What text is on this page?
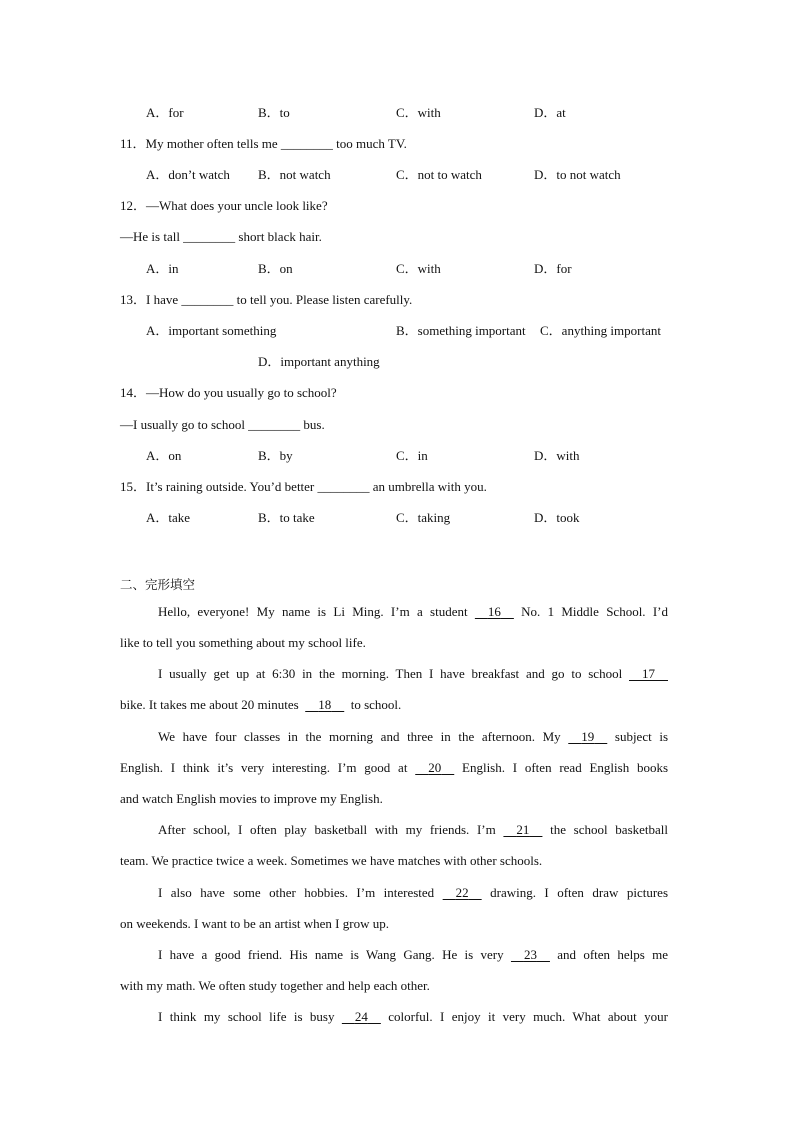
A．for	B．to	C．with	D．at
11．My mother often tells me ________ too much TV.
A．don’t watch B．not watch	C．not to watch	D．to not watch
12．—What does your uncle look like?
—He is tall ________ short black hair.
A．in	B．on	C．with	D．for
13．I have ________ to tell you. Please listen carefully.
A．important something	B．something important C．anything important
D．important anything
14．—How do you usually go to school?
—I usually go to school ________ bus.
A．on	B．by	C．in	D．with
15．It’s raining outside. You’d better ________ an umbrella with you.
A．take	B．to take	C．taking	D．took
二、完形填空
Hello, everyone! My name is Li Ming. I’m a student 16 No. 1 Middle School. I’d
like to tell you something about my school life.
I usually get up at 6:30 in the morning. Then I have breakfast and go to school 17
bike. It takes me about 20 minutes 18 to school.
We have four classes in the morning and three in the afternoon. My 19 subject is
English. I think it’s very interesting. I’m good at 20 English. I often read English books
and watch English movies to improve my English.
After school, I often play basketball with my friends. I’m 21 the school basketball
team. We practice twice a week. Sometimes we have matches with other schools.
I also have some other hobbies. I’m interested 22 drawing. I often draw pictures
on weekends. I want to be an artist when I grow up.
I have a good friend. His name is Wang Gang. He is very 23 and often helps me
with my math. We often study together and help each other.
I think my school life is busy 24 colorful. I enjoy it very much. What about your
